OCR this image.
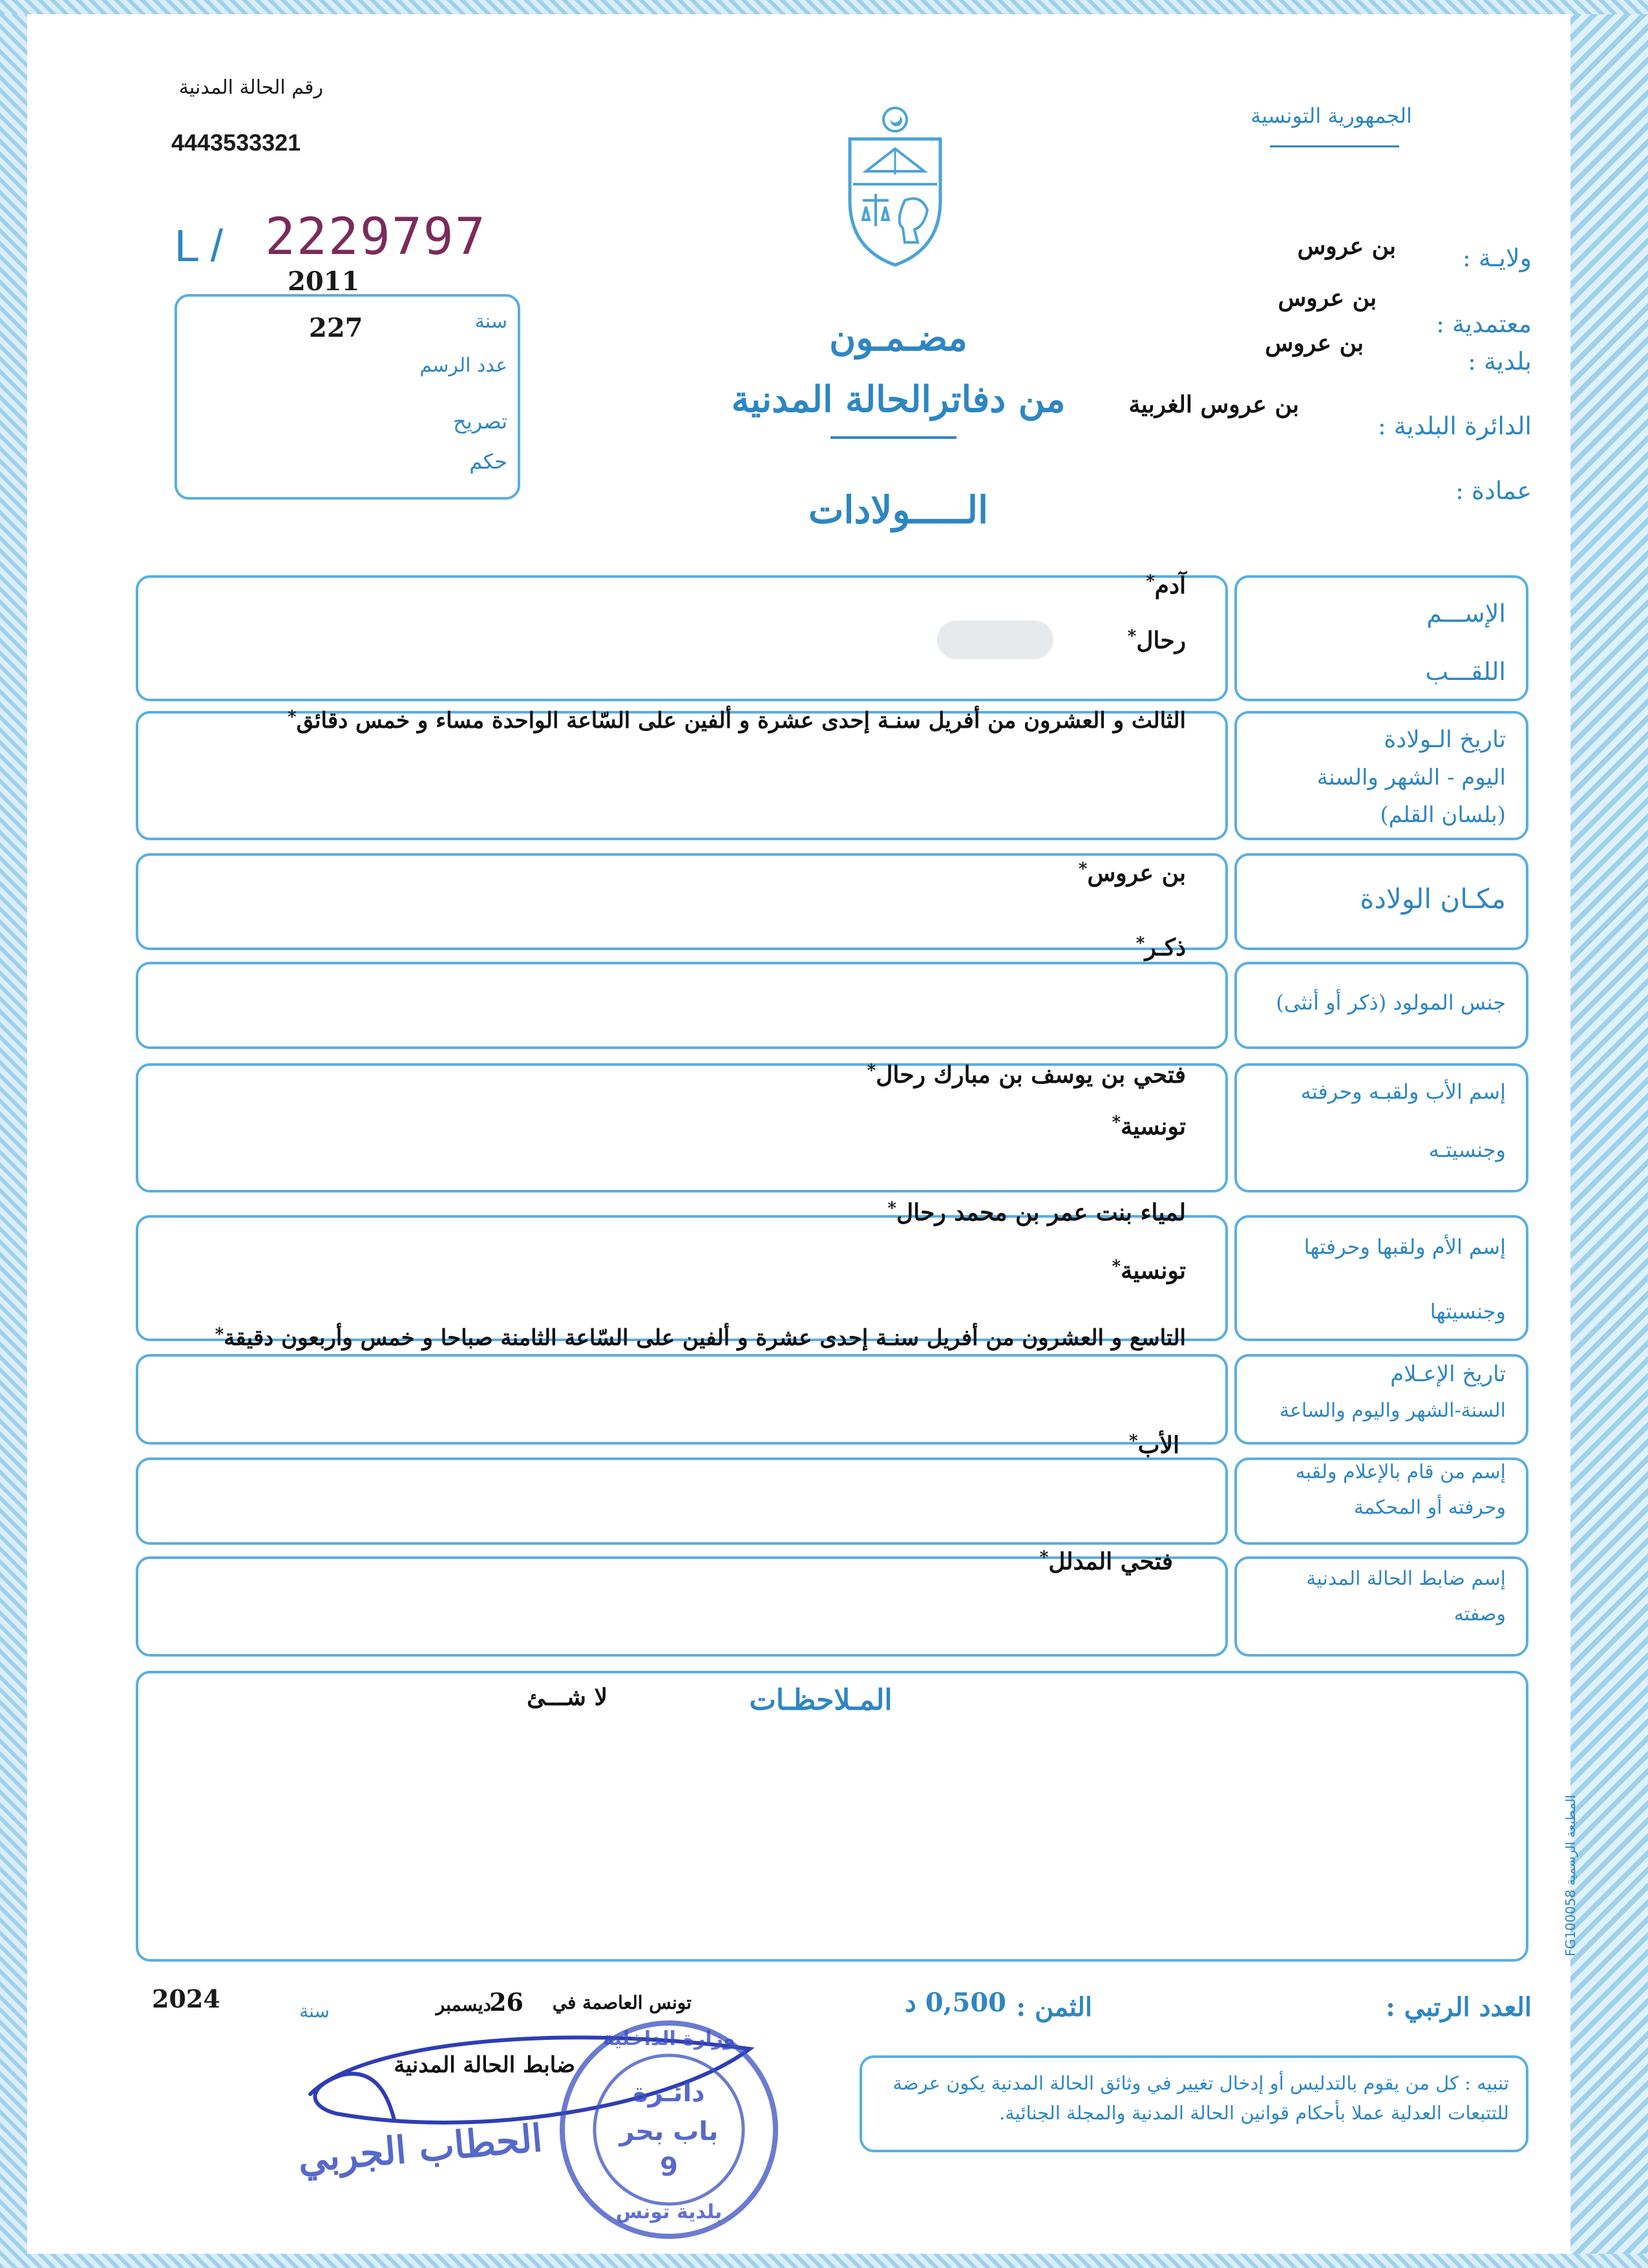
رقم الحالة المدنية
4443533321
L / 2229797
2011
227	سنة
عدد الرسم
تصريح
حكم
الجمهورية التونسية
ولايـة :
بن عروس
معتمدية :
بن عروس
بلدية :
بن عروس
الدائرة البلدية :
بن عروس الغربية
عمادة :
مضـمـون
من دفاترالحالة المدنية
الـــــولادات
الإســـم
اللقـــب
آدم *
رحال *
تاريخ الـولادة
اليوم - الشهر والسنة
(بلسان القلم)
الثالث و العشرون من أفريل سنـة إحدى عشرة و ألفين على السّاعة الواحدة مساء و خمس دقائق *
مكـان الولادة
بن عروس *
جنس المولود (ذكر أو أنثى)
ذكـر *
إسم الأب ولقبـه وحرفته
وجنسيتـه
فتحي بن يوسف بن مبارك رحال *
تونسية *
إسم الأم ولقبها وحرفتها
وجنسيتها
لمياء بنت عمر بن محمد رحال *
تونسية *
تاريخ الإعـلام
السنة-الشهر واليوم والساعة
التاسع و العشرون من أفريل سنـة إحدى عشرة و ألفين على السّاعة الثامنة صباحا و خمس وأربعون دقيقة *
إسم من قام بالإعلام ولقبه
وحرفته أو المحكمة
الأب *
إسم ضابط الحالة المدنية
وصفته
فتحي المدلل *
المـلاحظـات
لا شـــئ
المطبعة الرسمية FG100058
العدد الرتبي :
الثمن :
0,500 د
تونس العاصمة في
26
ديسمبر
سنة
2024
تنبيه : كل من يقوم بالتدليس أو إدخال تغيير في وثائق الحالة المدنية يكون عرضة للتتبعات العدلية عملا بأحكام قوانين الحالة المدنية والمجلة الجنائية.
ضابط الحالة المدنية
الحطاب الجربي
وزارة الداخلية
دائـرة
باب بحر
9
بلدية تونس
